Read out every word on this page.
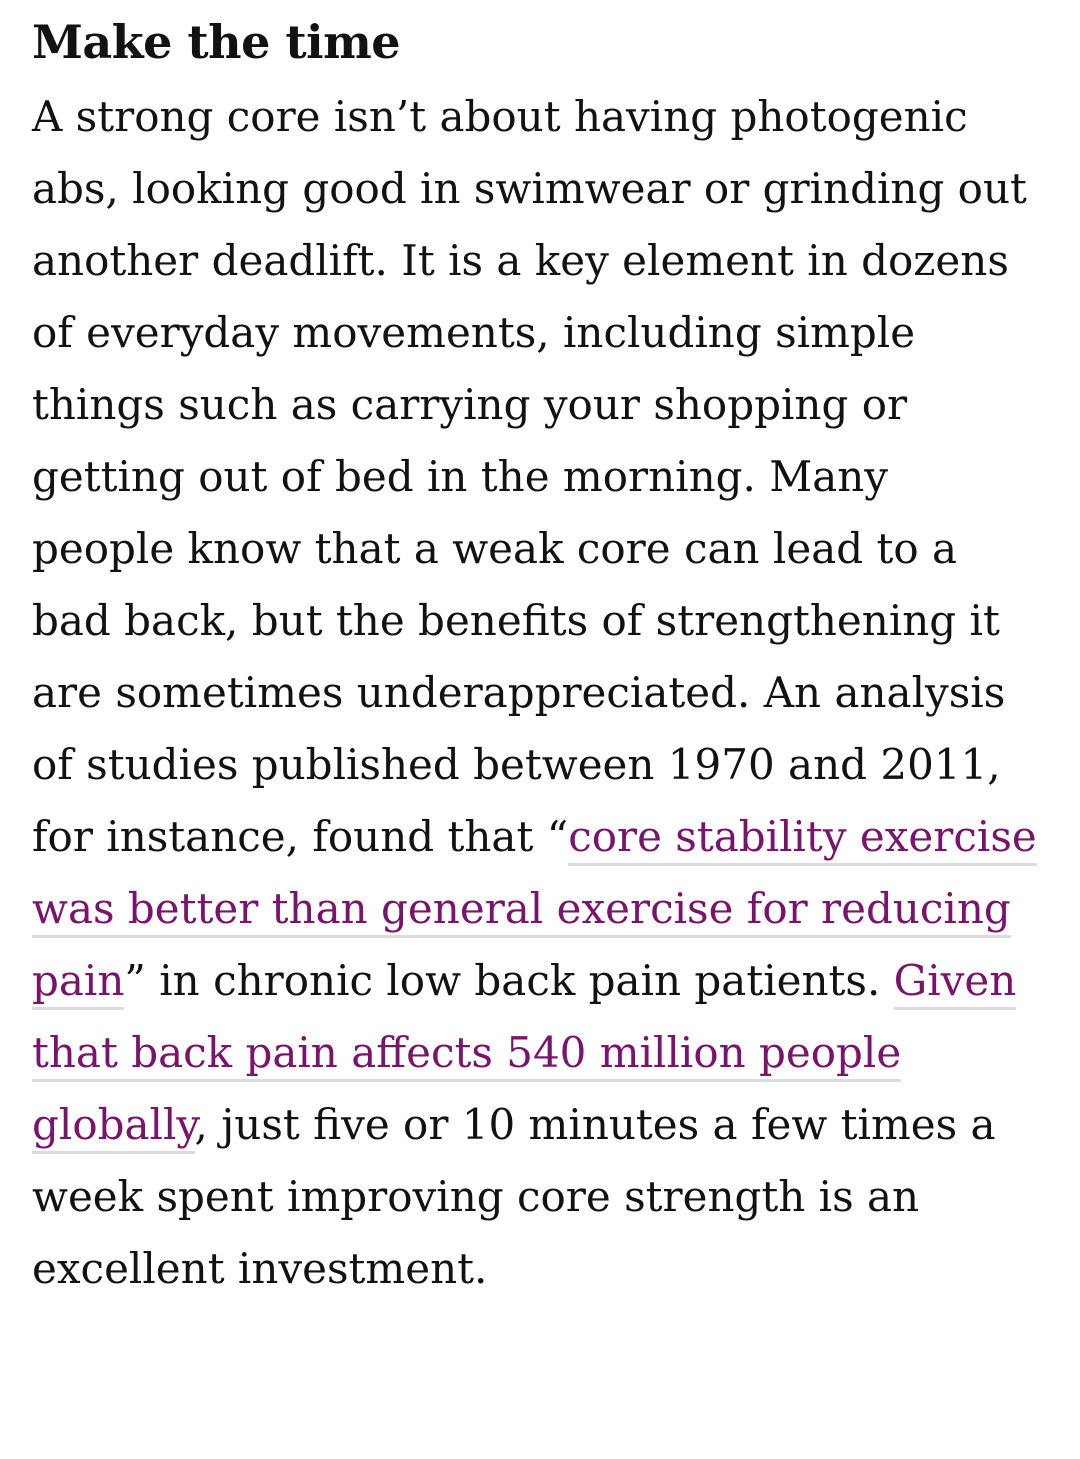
Make the time

A strong core isn’t about having photogenic abs, looking good in swimwear or grinding out another deadlift. It is a key element in dozens of everyday movements, including simple things such as carrying your shopping or getting out of bed in the morning. Many people know that a weak core can lead to a bad back, but the benefits of strengthening it are sometimes underappreciated. An analysis of studies published between 1970 and 2011, for instance, found that “core stability exercise was better than general exercise for reducing pain” in chronic low back pain patients. Given that back pain affects 540 million people globally, just five or 10 minutes a few times a week spent improving core strength is an excellent investment.
